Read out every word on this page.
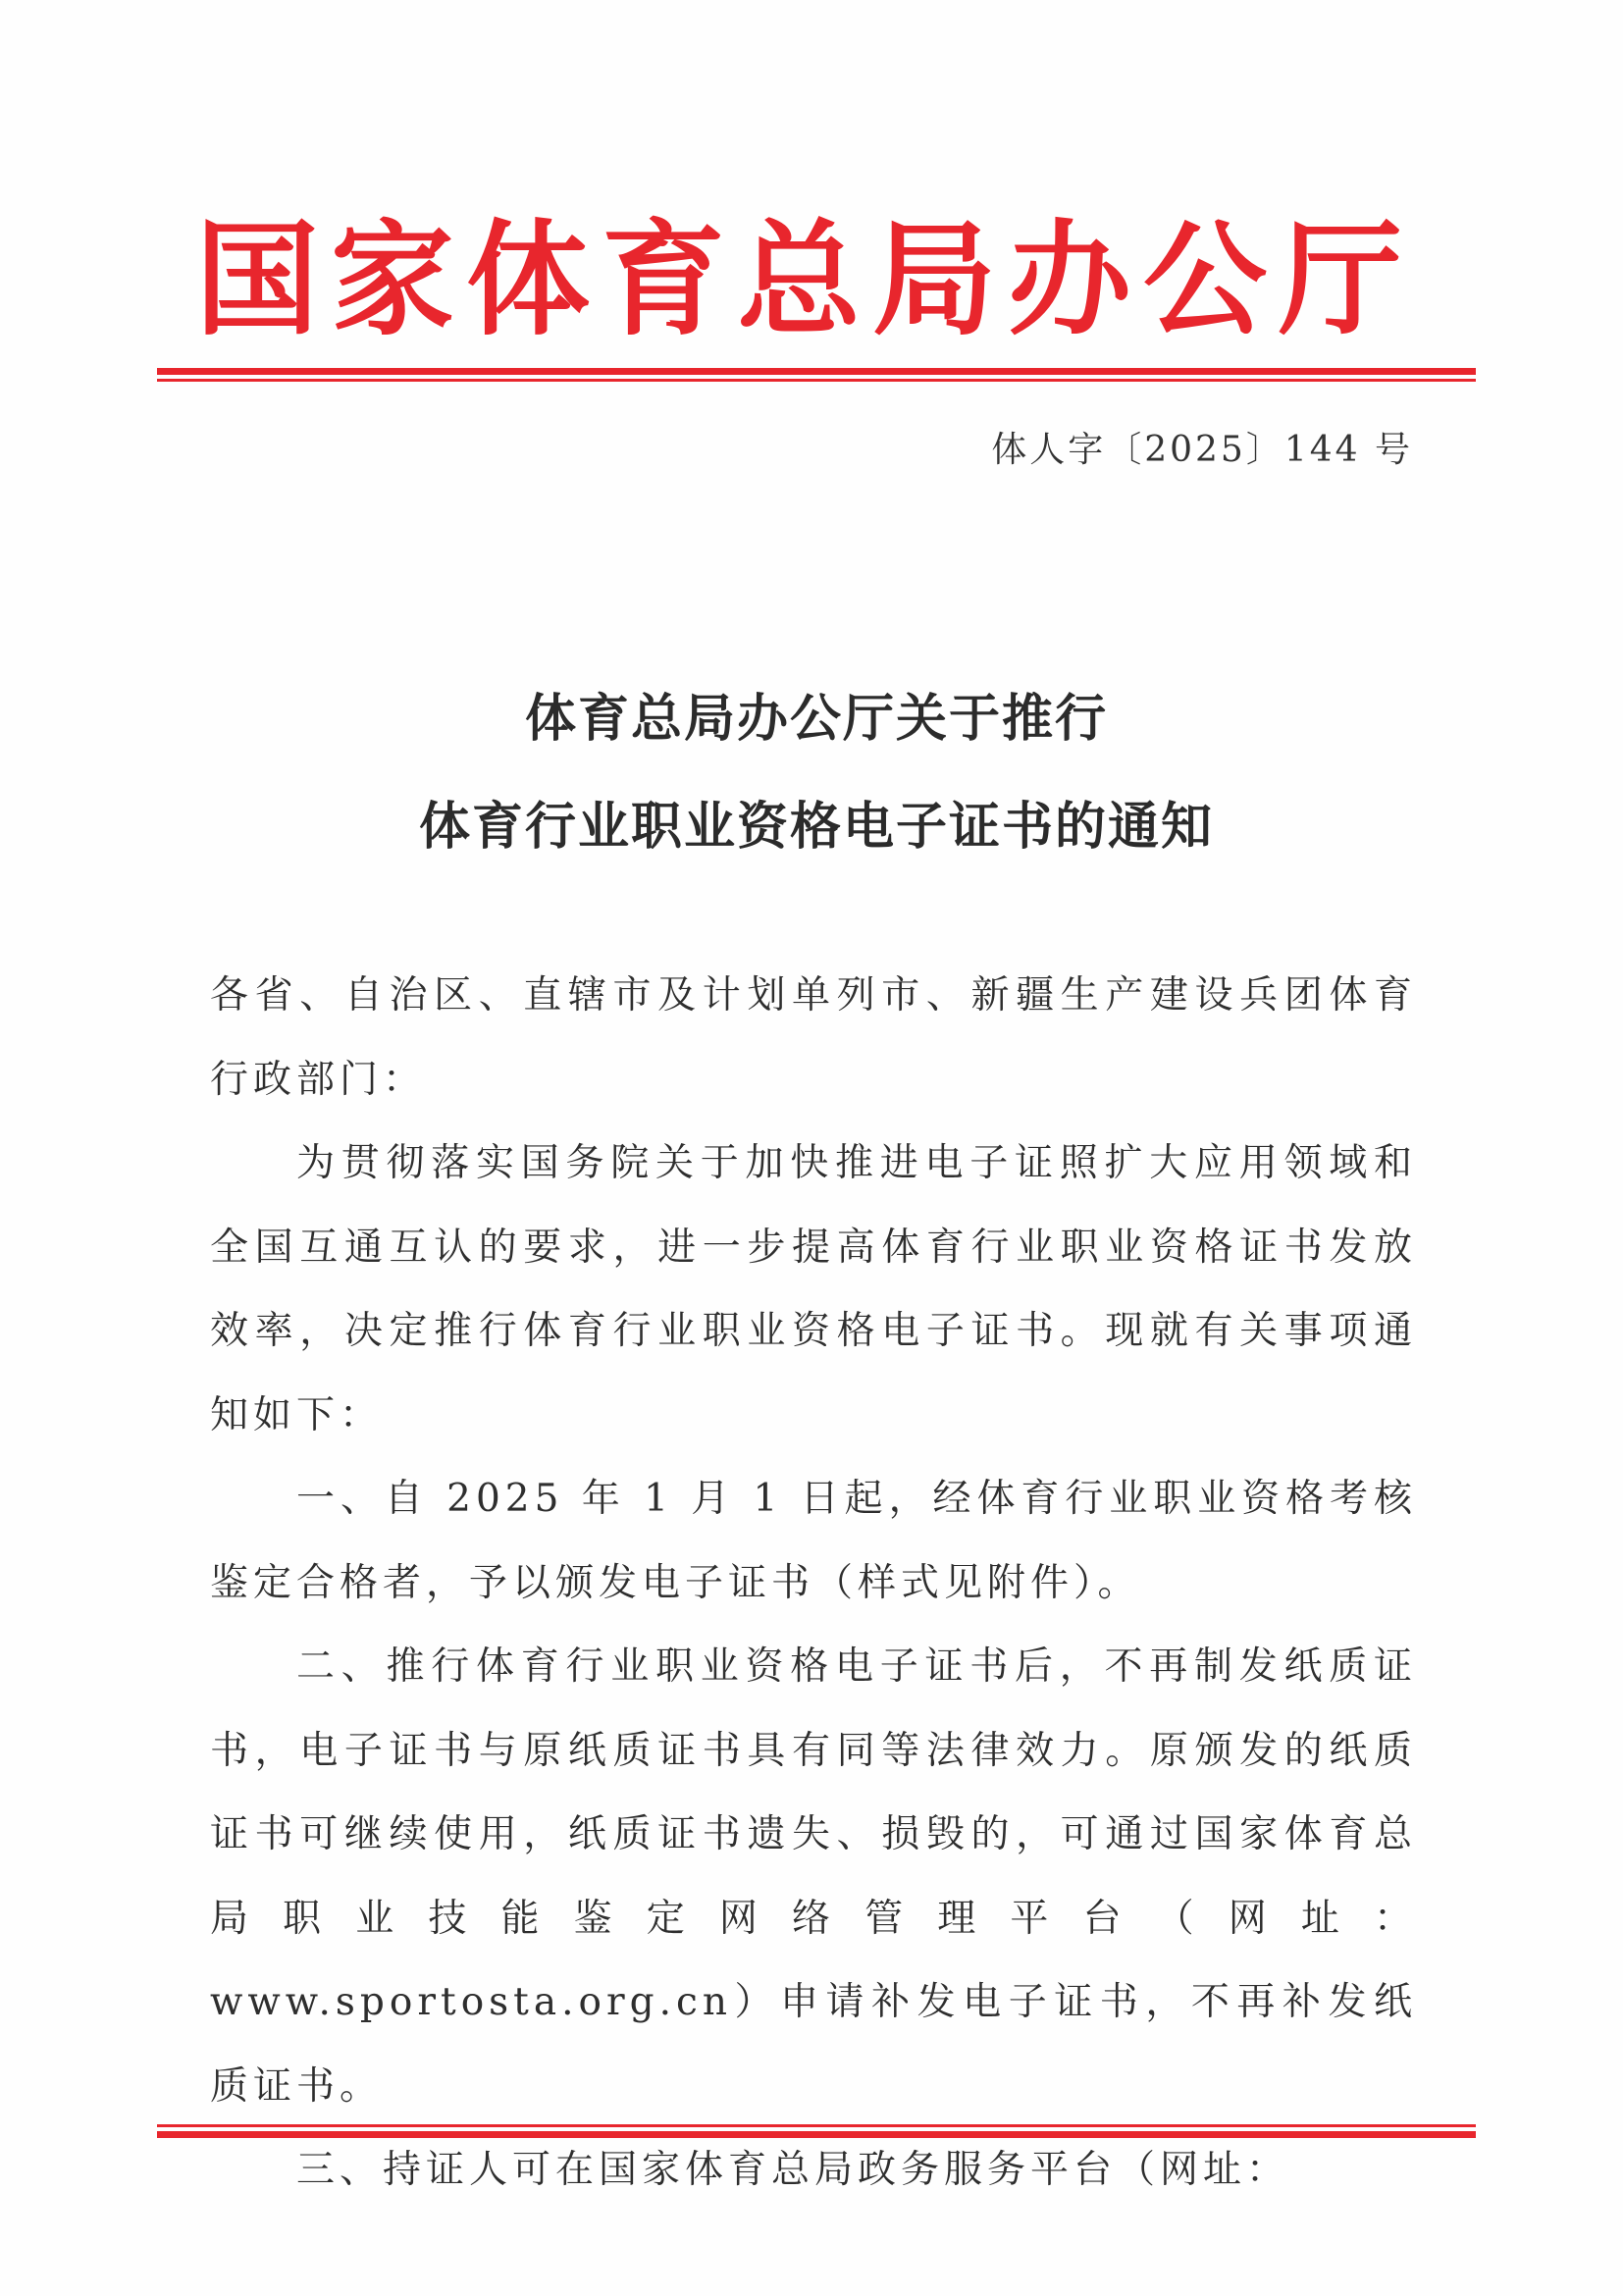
国家体育总局办公厅
体人字〔2025〕144 号
体育总局办公厅关于推行
体育行业职业资格电子证书的通知

各省、自治区、直辖市及计划单列市、新疆生产建设兵团体育行政部门：

为贯彻落实国务院关于加快推进电子证照扩大应用领域和全国互通互认的要求，进一步提高体育行业职业资格证书发放效率，决定推行体育行业职业资格电子证书。现就有关事项通知如下：

一、自 2025 年 1 月 1 日起，经体育行业职业资格考核鉴定合格者，予以颁发电子证书（样式见附件）。

二、推行体育行业职业资格电子证书后，不再制发纸质证书，电子证书与原纸质证书具有同等法律效力。原颁发的纸质证书可继续使用，纸质证书遗失、损毁的，可通过国家体育总局职业技能鉴定网络管理平台（网址：www.sportosta.org.cn）申请补发电子证书，不再补发纸质证书。

三、持证人可在国家体育总局政务服务平台（网址：
